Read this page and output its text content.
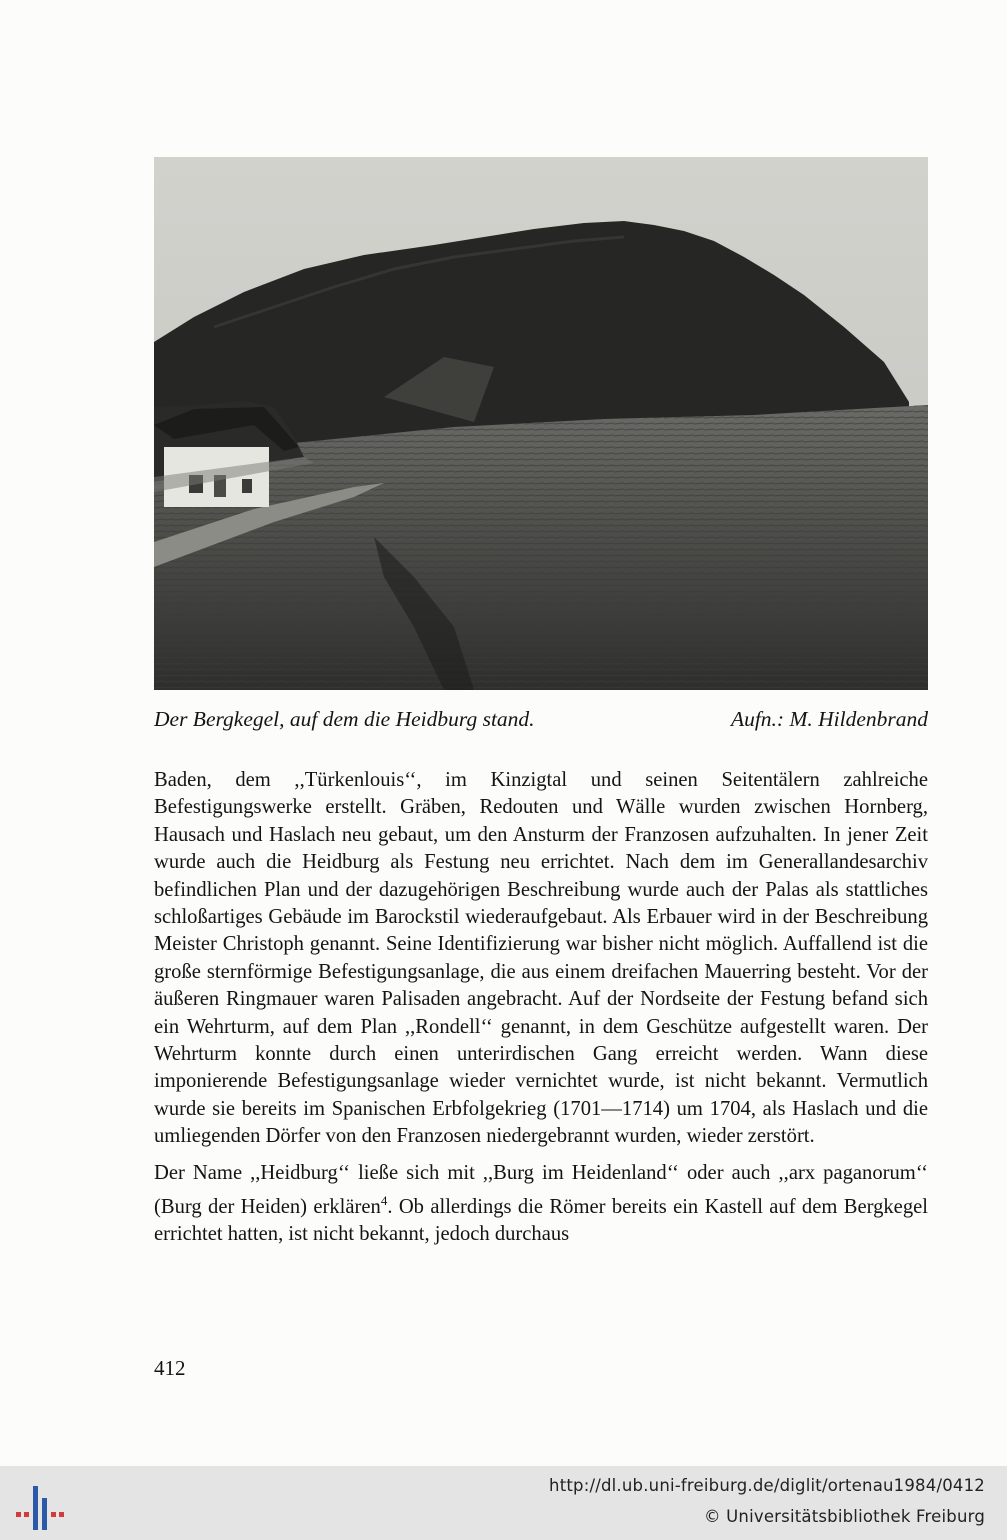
Der Bergkegel, auf dem die Heidburg stand.	Aufn.: M. Hildenbrand

Baden, dem ,,Türkenlouis‘‘, im Kinzigtal und seinen Seitentälern zahlreiche Befestigungswerke erstellt. Gräben, Redouten und Wälle wurden zwischen Hornberg, Hausach und Haslach neu gebaut, um den Ansturm der Franzosen aufzuhalten. In jener Zeit wurde auch die Heidburg als Festung neu errichtet. Nach dem im Generallandesarchiv befindlichen Plan und der dazugehörigen Beschreibung wurde auch der Palas als stattliches schloßartiges Gebäude im Barockstil wiederaufgebaut. Als Erbauer wird in der Beschreibung Meister Christoph genannt. Seine Identifizierung war bisher nicht möglich. Auffallend ist die große sternförmige Befestigungsanlage, die aus einem dreifachen Mauerring besteht. Vor der äußeren Ringmauer waren Palisaden angebracht. Auf der Nordseite der Festung befand sich ein Wehrturm, auf dem Plan ,,Rondell‘‘ genannt, in dem Geschütze aufgestellt waren. Der Wehrturm konnte durch einen unterirdischen Gang erreicht werden. Wann diese imponierende Befestigungsanlage wieder vernichtet wurde, ist nicht bekannt. Vermutlich wurde sie bereits im Spanischen Erbfolgekrieg (1701—1714) um 1704, als Haslach und die umliegenden Dörfer von den Franzosen niedergebrannt wurden, wieder zerstört.

Der Name ,,Heidburg‘‘ ließe sich mit ,,Burg im Heidenland‘‘ oder auch ,,arx paganorum‘‘ (Burg der Heiden) erklären$^4$. Ob allerdings die Römer bereits ein Kastell auf dem Bergkegel errichtet hatten, ist nicht bekannt, jedoch durchaus

412
http://dl.ub.uni-freiburg.de/diglit/ortenau1984/0412
© Universitätsbibliothek Freiburg
